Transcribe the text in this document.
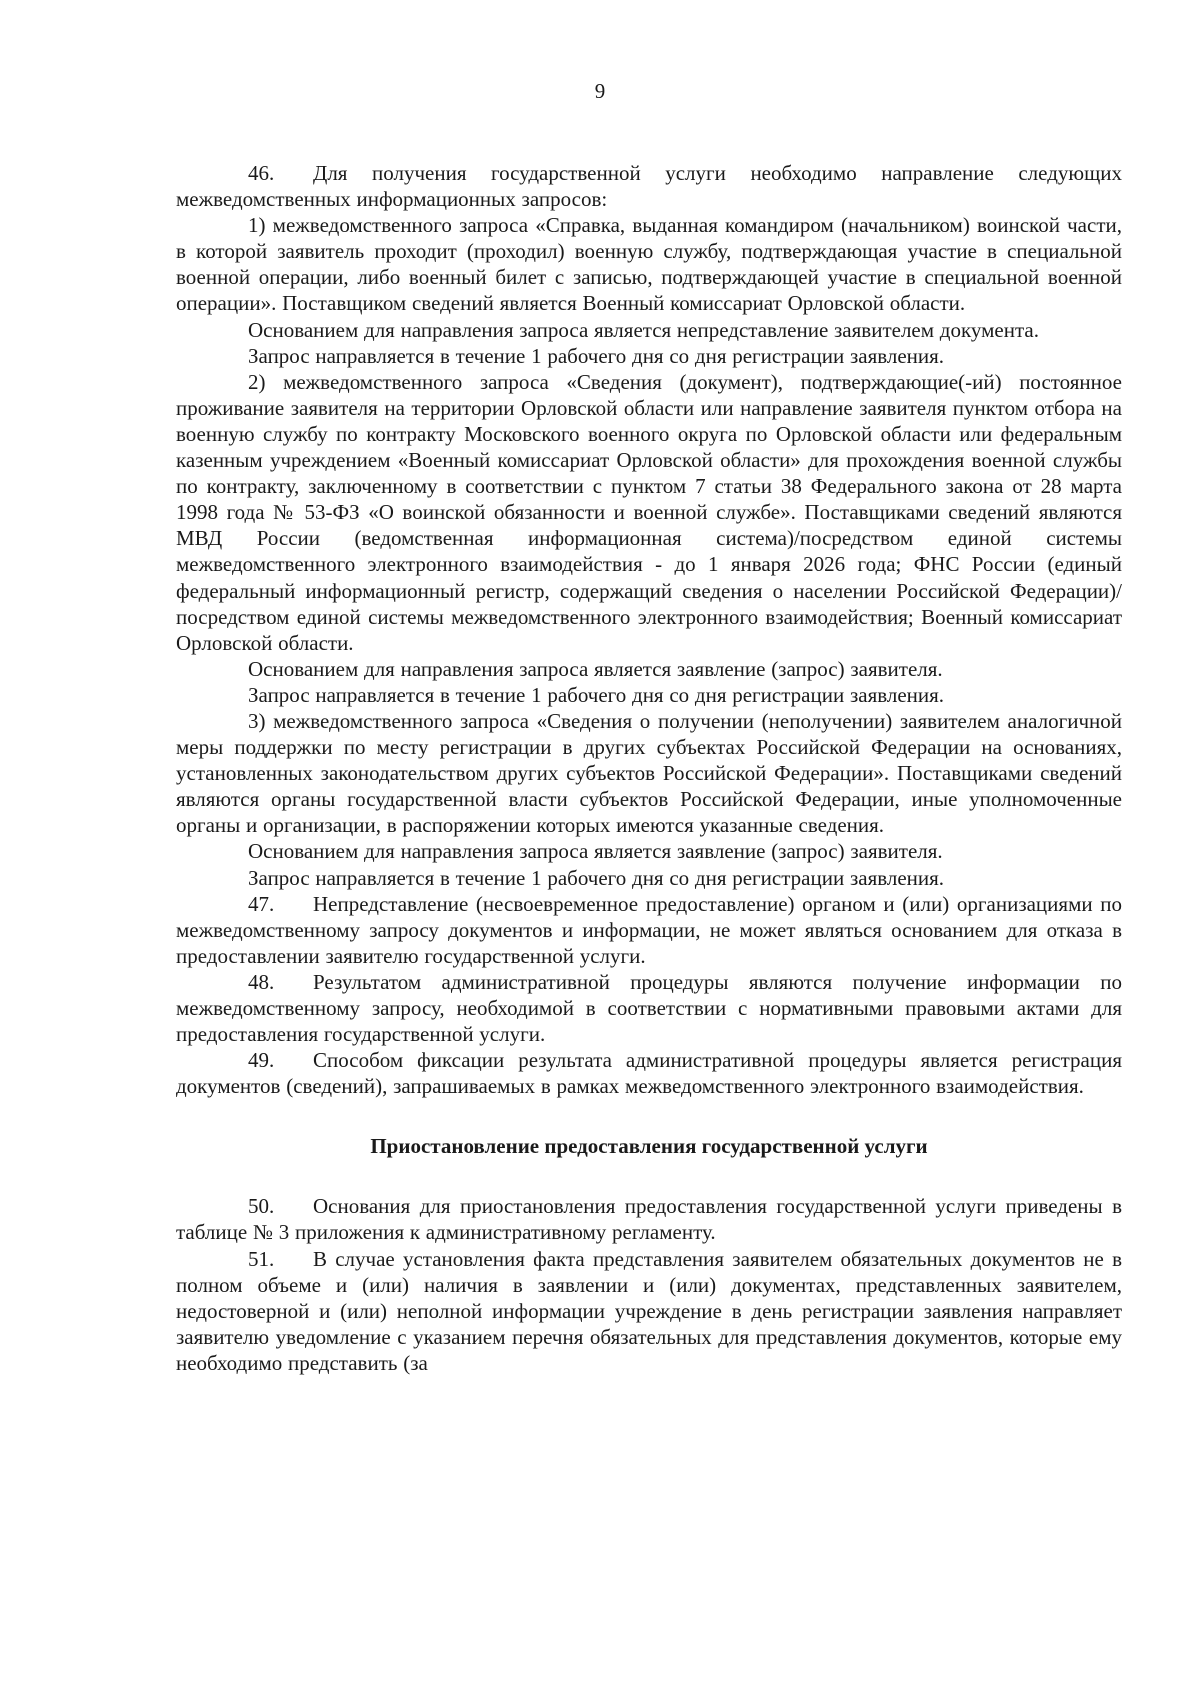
9

46. Для получения государственной услуги необходимо направление следующих межведомственных информационных запросов:

1) межведомственного запроса «Справка, выданная командиром (начальником) воинской части, в которой заявитель проходит (проходил) военную службу, подтверждающая участие в специальной военной операции, либо военный билет с записью, подтверждающей участие в специальной военной операции». Поставщиком сведений является Военный комиссариат Орловской области.

Основанием для направления запроса является непредставление заявителем документа.

Запрос направляется в течение 1 рабочего дня со дня регистрации заявления.

2) межведомственного запроса «Сведения (документ), подтверждающие(-ий) постоянное проживание заявителя на территории Орловской области или направление заявителя пунктом отбора на военную службу по контракту Московского военного округа по Орловской области или федеральным казенным учреждением «Военный комиссариат Орловской области» для прохождения военной службы по контракту, заключенному в соответствии с пунктом 7 статьи 38 Федерального закона от 28 марта 1998 года № 53-ФЗ «О воинской обязанности и военной службе». Поставщиками сведений являются МВД России (ведомственная информационная система)/посредством единой системы межведомственного электронного взаимодействия - до 1 января 2026 года; ФНС России (единый федеральный информационный регистр, содержащий сведения о населении Российской Федерации)/посредством единой системы межведомственного электронного взаимодействия; Военный комиссариат Орловской области.

Основанием для направления запроса является заявление (запрос) заявителя.

Запрос направляется в течение 1 рабочего дня со дня регистрации заявления.

3) межведомственного запроса «Сведения о получении (неполучении) заявителем аналогичной меры поддержки по месту регистрации в других субъектах Российской Федерации на основаниях, установленных законодательством других субъектов Российской Федерации». Поставщиками сведений являются органы государственной власти субъектов Российской Федерации, иные уполномоченные органы и организации, в распоряжении которых имеются указанные сведения.

Основанием для направления запроса является заявление (запрос) заявителя.

Запрос направляется в течение 1 рабочего дня со дня регистрации заявления.

47. Непредставление (несвоевременное предоставление) органом и (или) организациями по межведомственному запросу документов и информации, не может являться основанием для отказа в предоставлении заявителю государственной услуги.

48. Результатом административной процедуры являются получение информации по межведомственному запросу, необходимой в соответствии с нормативными правовыми актами для предоставления государственной услуги.

49. Способом фиксации результата административной процедуры является регистрация документов (сведений), запрашиваемых в рамках межведомственного электронного взаимодействия.

Приостановление предоставления государственной услуги

50. Основания для приостановления предоставления государственной услуги приведены в таблице № 3 приложения к административному регламенту.

51. В случае установления факта представления заявителем обязательных документов не в полном объеме и (или) наличия в заявлении и (или) документах, представленных заявителем, недостоверной и (или) неполной информации учреждение в день регистрации заявления направляет заявителю уведомление с указанием перечня обязательных для представления документов, которые ему необходимо представить (за
